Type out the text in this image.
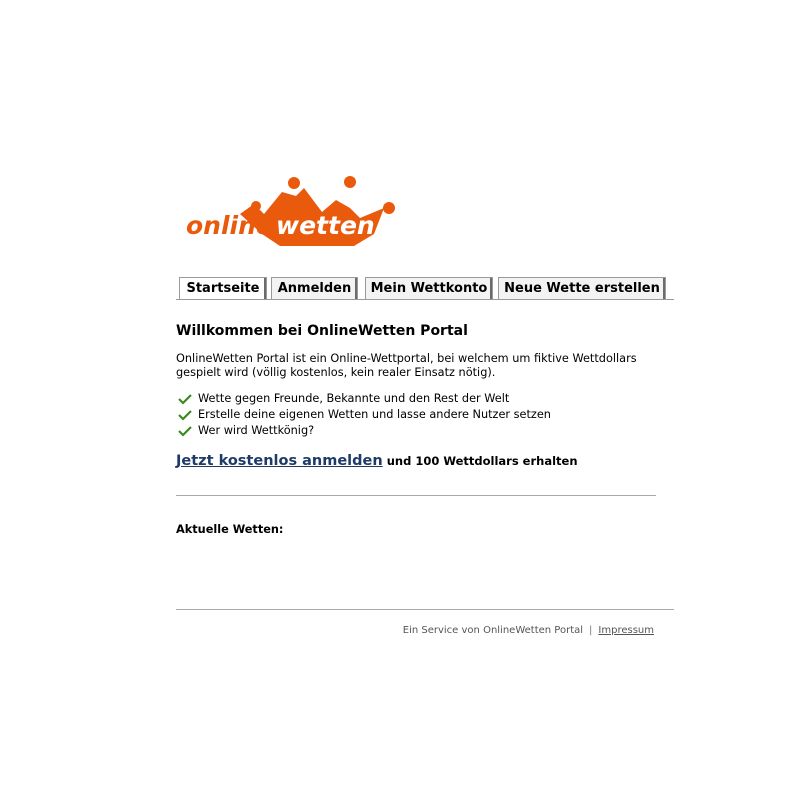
online wetten
Startseite	Anmelden	Mein Wettkonto	Neue Wette erstellen
Willkommen bei OnlineWetten Portal

OnlineWetten Portal ist ein Online-Wettportal, bei welchem um fiktive Wettdollars gespielt wird (völlig kostenlos, kein realer Einsatz nötig).

Wette gegen Freunde, Bekannte und den Rest der Welt
Erstelle deine eigenen Wetten und lasse andere Nutzer setzen
Wer wird Wettkönig?
Jetzt kostenlos anmelden und 100 Wettdollars erhalten

Aktuelle Wetten:

Ein Service von OnlineWetten Portal | Impressum
